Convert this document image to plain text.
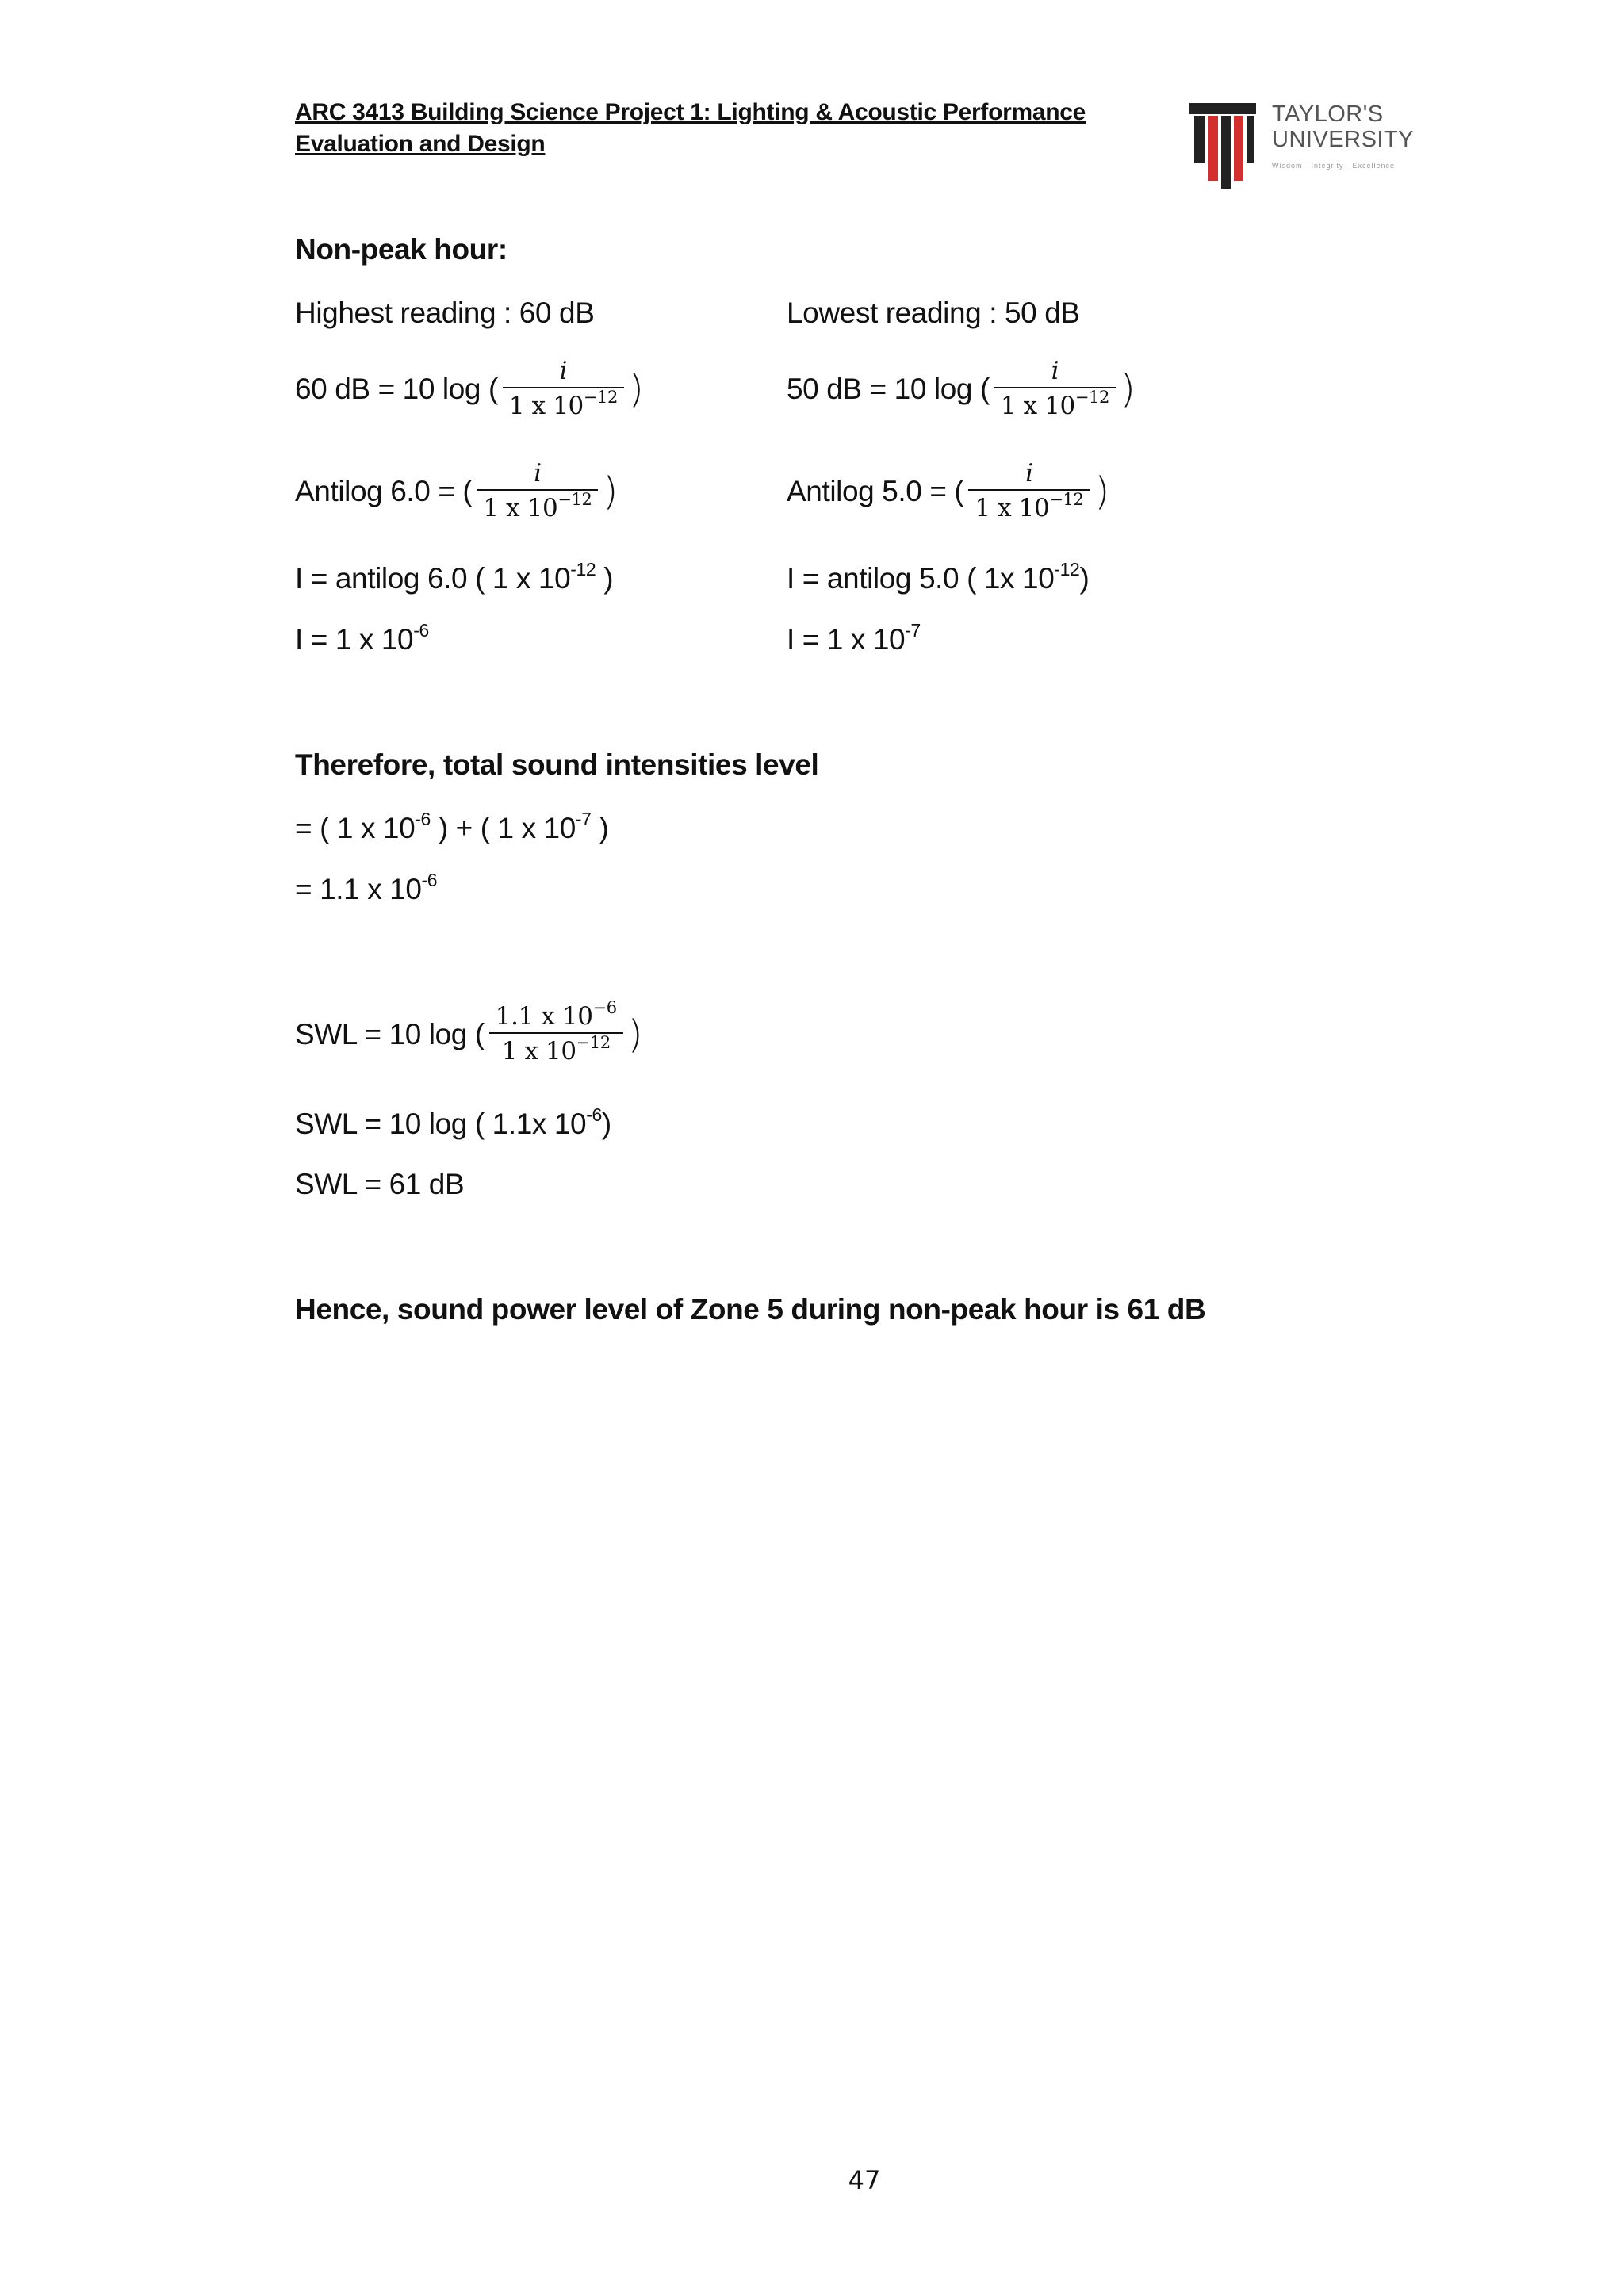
ARC 3413 Building Science Project 1: Lighting & Acoustic Performance
Evaluation and Design
TAYLOR'S
UNIVERSITY
Wisdom · Integrity · Excellence
Non-peak hour:
Highest reading : 60 dB
60 dB = 10 log ( $\frac{i}{1 x 10^{-12}}$ )
Antilog 6.0 = ( $\frac{i}{1 x 10^{-12}}$ )
I = antilog 6.0 ( 1 x $10^{-12}$ )
I = 1 x $10^{-6}$
Lowest reading : 50 dB
50 dB = 10 log ( $\frac{i}{1 x 10^{-12}}$ )
Antilog 5.0 = ( $\frac{i}{1 x 10^{-12}}$ )
I = antilog 5.0 ( 1x $10^{-12}$)
I = 1 x $10^{-7}$
Therefore, total sound intensities level
= ( 1 x $10^{-6}$ ) + ( 1 x $10^{-7}$ )
= 1.1 x $10^{-6}$
SWL = 10 log ( $\frac{1.1 x 10^{-6}}{1 x 10^{-12}}$ )
SWL = 10 log ( 1.1x $10^{-6}$)
SWL = 61 dB
Hence, sound power level of Zone 5 during non-peak hour is 61 dB
47
